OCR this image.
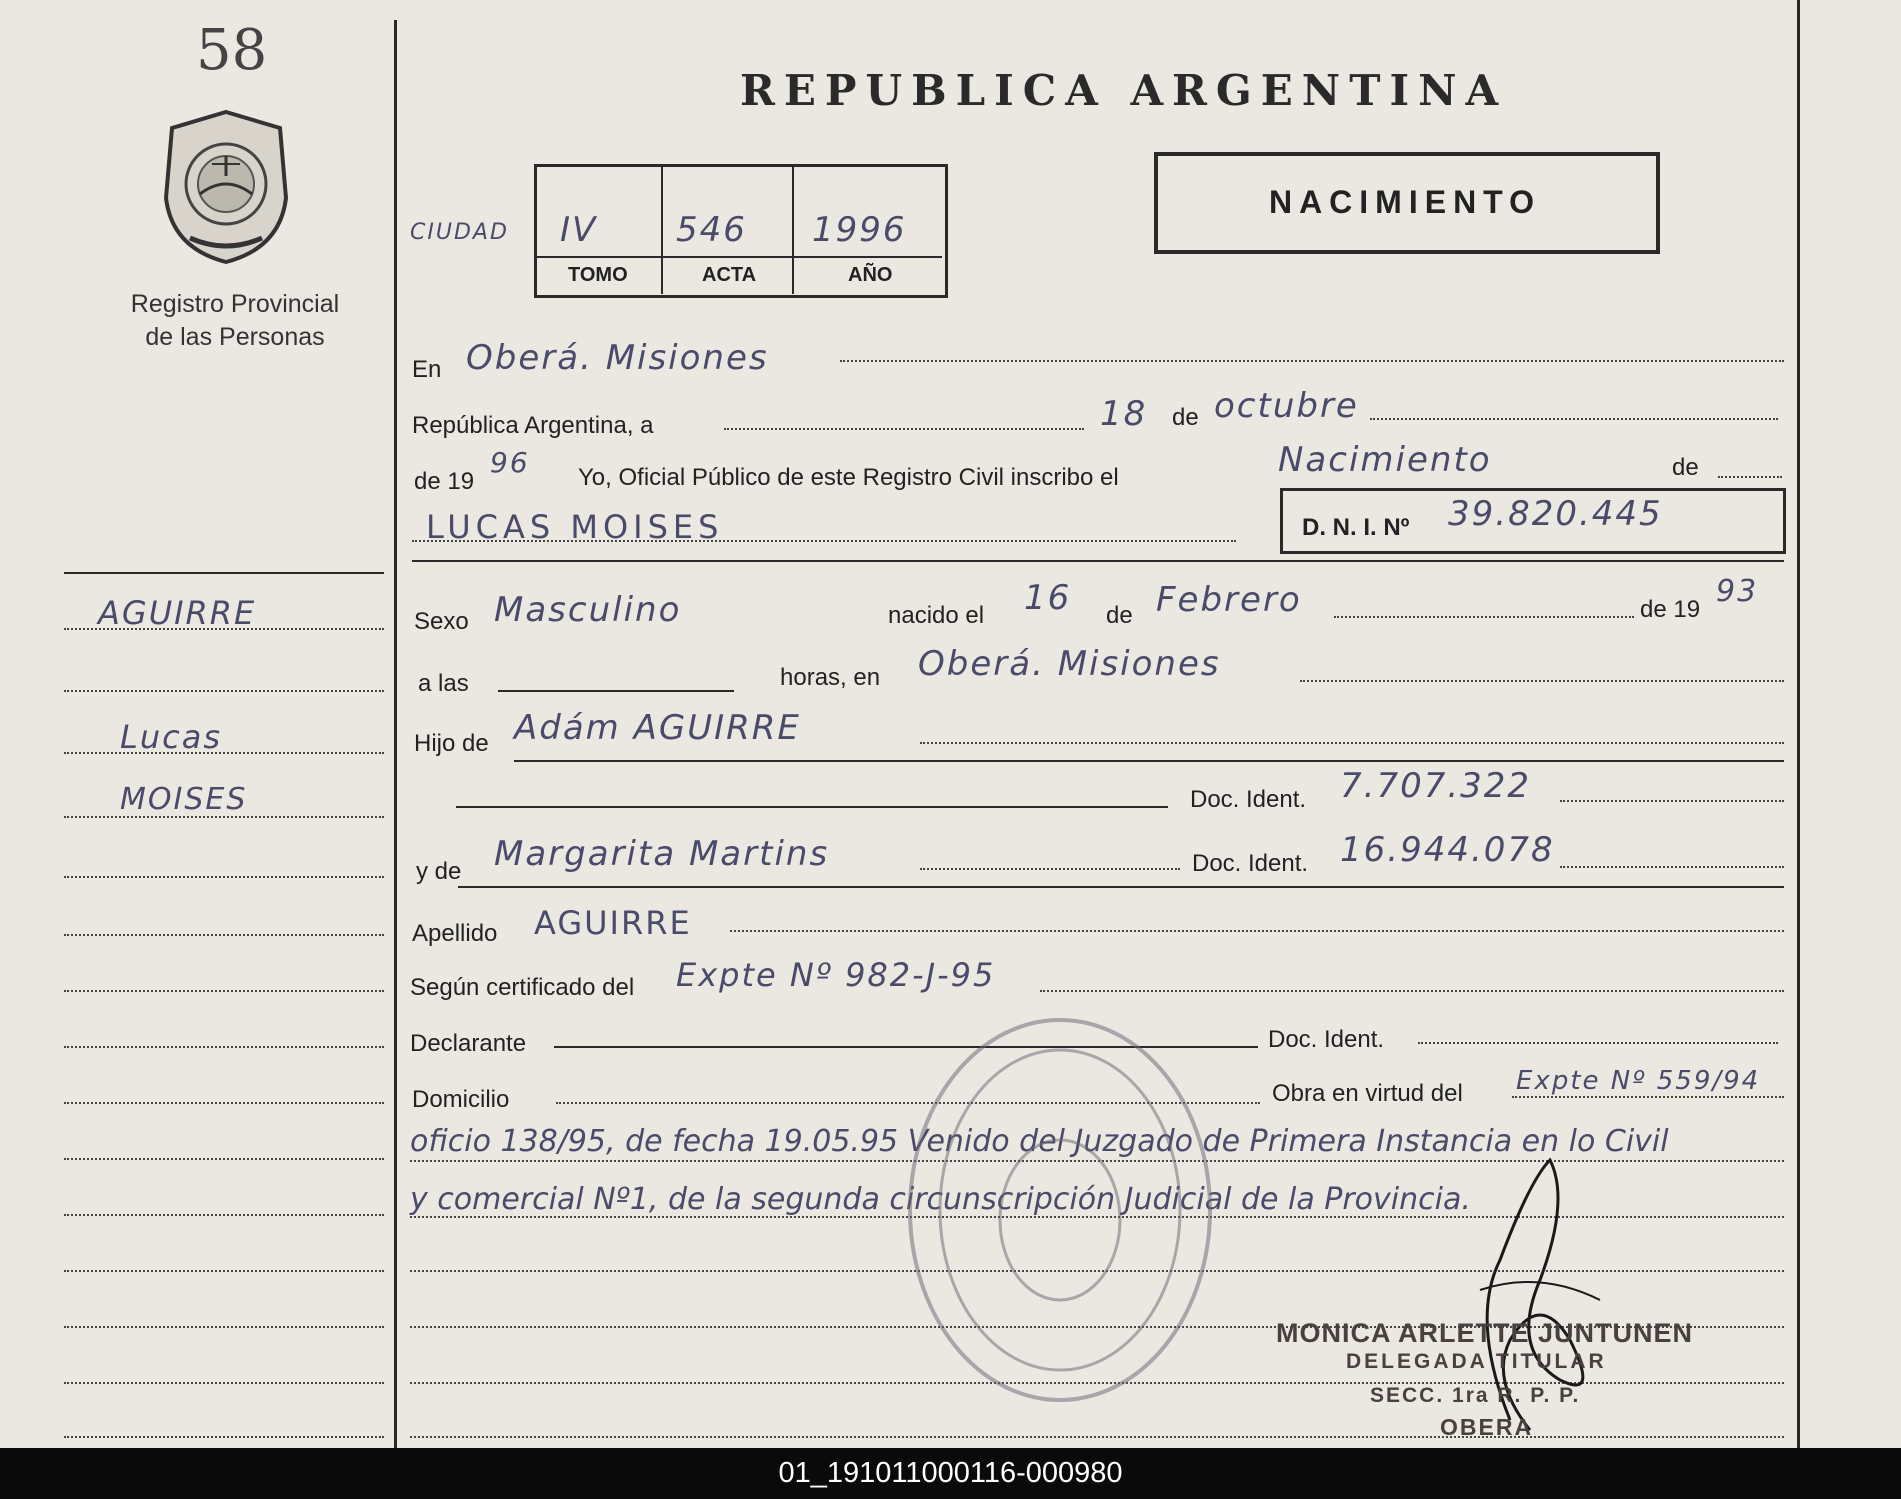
58
Registro Provincial
de las Personas
AGUIRRE
Lucas
MOISES
REPUBLICA ARGENTINA
CIUDAD IV 546 1996
TOMO	ACTA	AÑO
NACIMIENTO
En Oberá. Misiones
República Argentina, a	18 de octubre
de 19
96 Yo, Oficial Público de este Registro Civil inscribo el	Nacimiento	de
LUCAS MOISES	D. N. I. Nº 39.820.445
Sexo Masculino	nacido el 16 de Febrero	de 19
93
a las	horas, en Oberá. Misiones
Hijo de Adám AGUIRRE
Doc. Ident. 7.707.322
y de Margarita Martins	Doc. Ident. 16.944.078
Apellido AGUIRRE
Según certificado del Expte Nº 982-J-95
Declarante	Doc. Ident.
Domicilio	Obra en virtud del Expte Nº 559/94
oficio 138/95, de fecha 19.05.95 Venido del Juzgado de Primera Instancia en lo Civil
y comercial Nº1, de la segunda circunscripción Judicial de la Provincia.
MONICA ARLETTE JUNTUNEN
DELEGADA TITULAR
SECC. 1ra R. P. P.
OBERA
01_191011000116-000980
